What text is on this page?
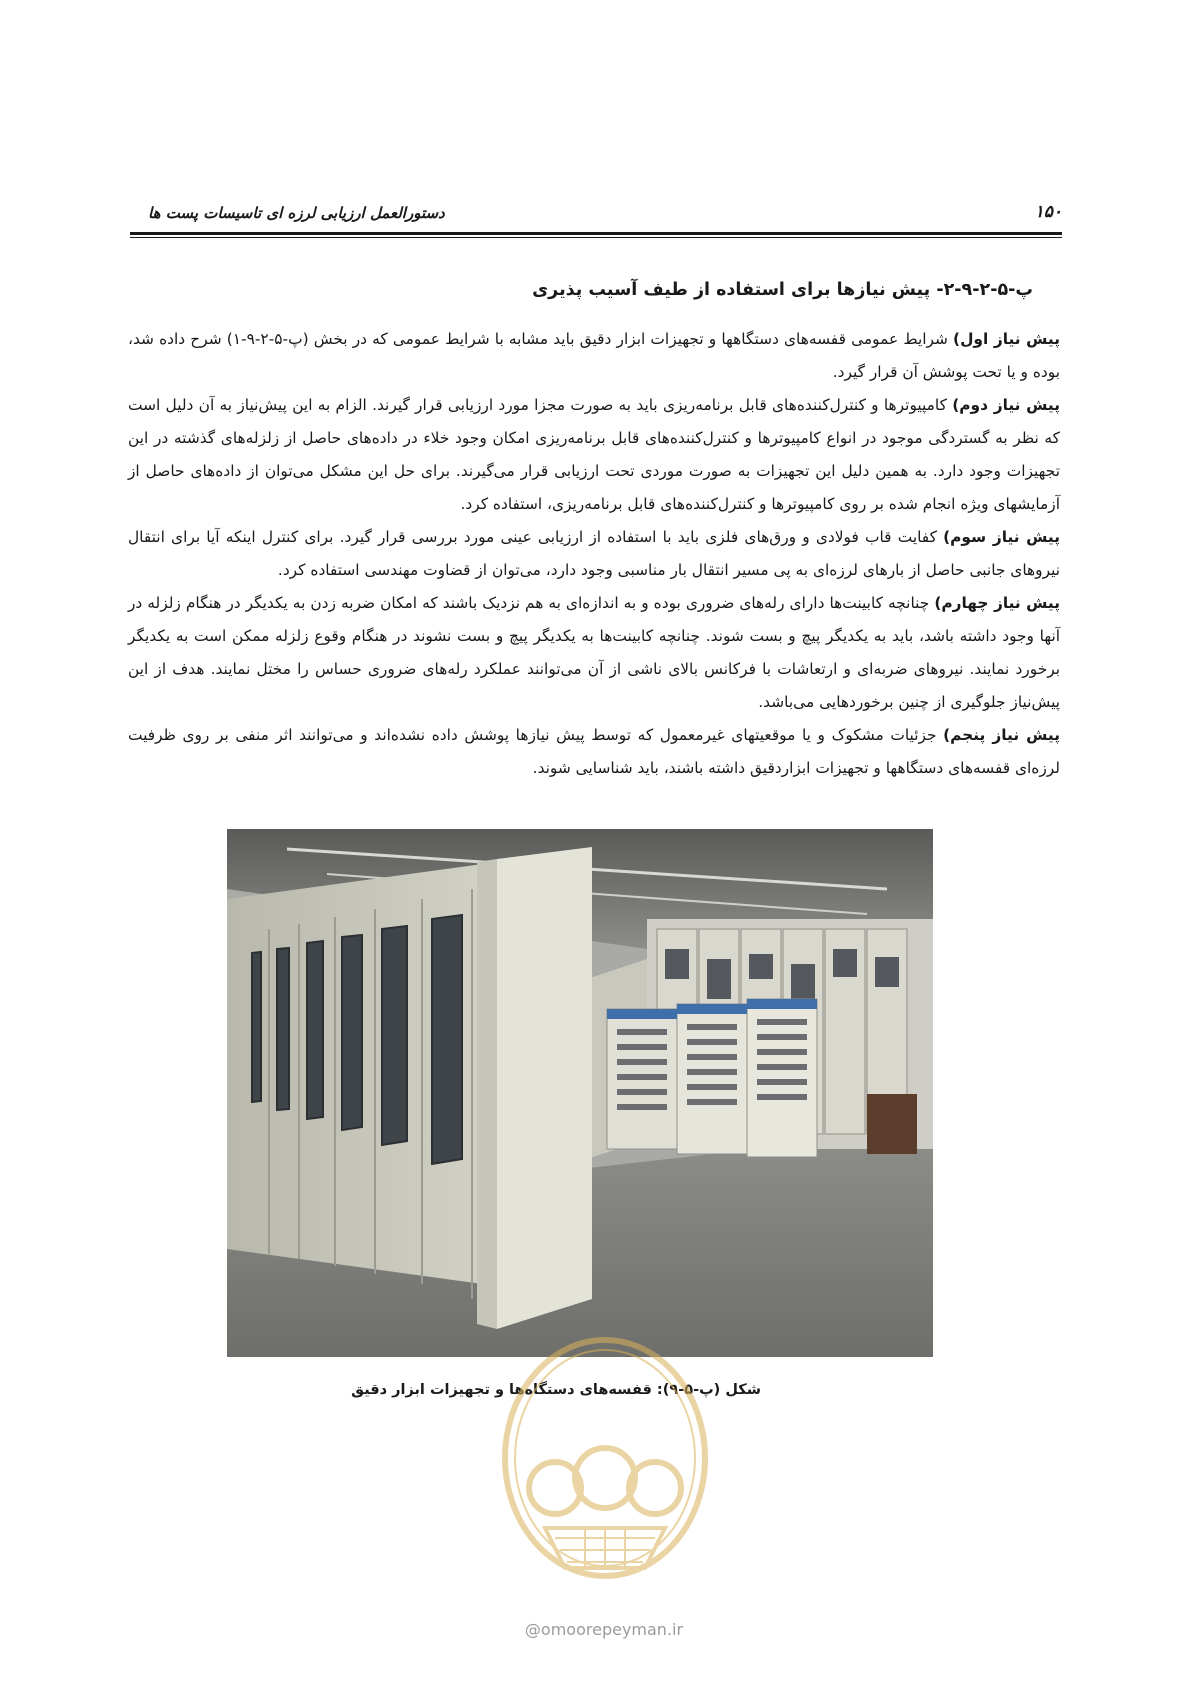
دستورالعمل ارزیابی لرزه ای تاسیسات پست ها	۱۵۰
پ-۵-۲-۹-۲- پیش نیازها برای استفاده از طیف آسیب پذیری

پیش نیاز اول) شرایط عمومی قفسه‌های دستگاهها و تجهیزات ابزار دقیق باید مشابه با شرایط عمومی که در بخش (پ-۵-۲-۹-۱) شرح داده شد، بوده و یا تحت پوشش آن قرار گیرد.

پیش نیاز دوم) کامپیوترها و کنترل‌کننده‌های قابل برنامه‌ریزی باید به صورت مجزا مورد ارزیابی قرار گیرند. الزام به این پیش‌نیاز به آن دلیل است که نظر به گستردگی موجود در انواع کامپیوترها و کنترل‌کننده‌های قابل برنامه‌ریزی امکان وجود خلاء در داده‌های حاصل از زلزله‌های گذشته در این تجهیزات وجود دارد. به همین دلیل این تجهیزات به صورت موردی تحت ارزیابی قرار می‌گیرند. برای حل این مشکل می‌توان از داده‌های حاصل از آزمایشهای ویژه انجام شده بر روی کامپیوترها و کنترل‌کننده‌های قابل برنامه‌ریزی، استفاده کرد.

پیش نیاز سوم) کفایت قاب فولادی و ورق‌های فلزی باید با استفاده از ارزیابی عینی مورد بررسی قرار گیرد. برای کنترل اینکه آیا برای انتقال نیروهای جانبی حاصل از بارهای لرزه‌ای به پی مسیر انتقال بار مناسبی وجود دارد، می‌توان از قضاوت مهندسی استفاده کرد.

پیش نیاز چهارم) چنانچه کابینت‌ها دارای رله‌های ضروری بوده و به اندازه‌ای به هم نزدیک باشند که امکان ضربه زدن به یکدیگر در هنگام زلزله در آنها وجود داشته باشد، باید به یکدیگر پیچ و بست شوند. چنانچه کابینت‌ها به یکدیگر پیچ و بست نشوند در هنگام وقوع زلزله ممکن است به یکدیگر برخورد نمایند. نیروهای ضربه‌ای و ارتعاشات با فرکانس بالای ناشی از آن می‌توانند عملکرد رله‌های ضروری حساس را مختل نمایند. هدف از این پیش‌نیاز جلوگیری از چنین برخوردهایی می‌باشد.

پیش نیاز پنجم) جزئیات مشکوک و یا موقعیتهای غیرمعمول که توسط پیش نیازها پوشش داده نشده‌اند و می‌توانند اثر منفی بر روی ظرفیت لرزه‌ای قفسه‌های دستگاهها و تجهیزات ابزاردقیق داشته باشند، باید شناسایی شوند.

شکل (پ-۵-۹): قفسه‌های دستگاه‌ها و تجهیزات ابزار دقیق
@omoorepeyman.ir
